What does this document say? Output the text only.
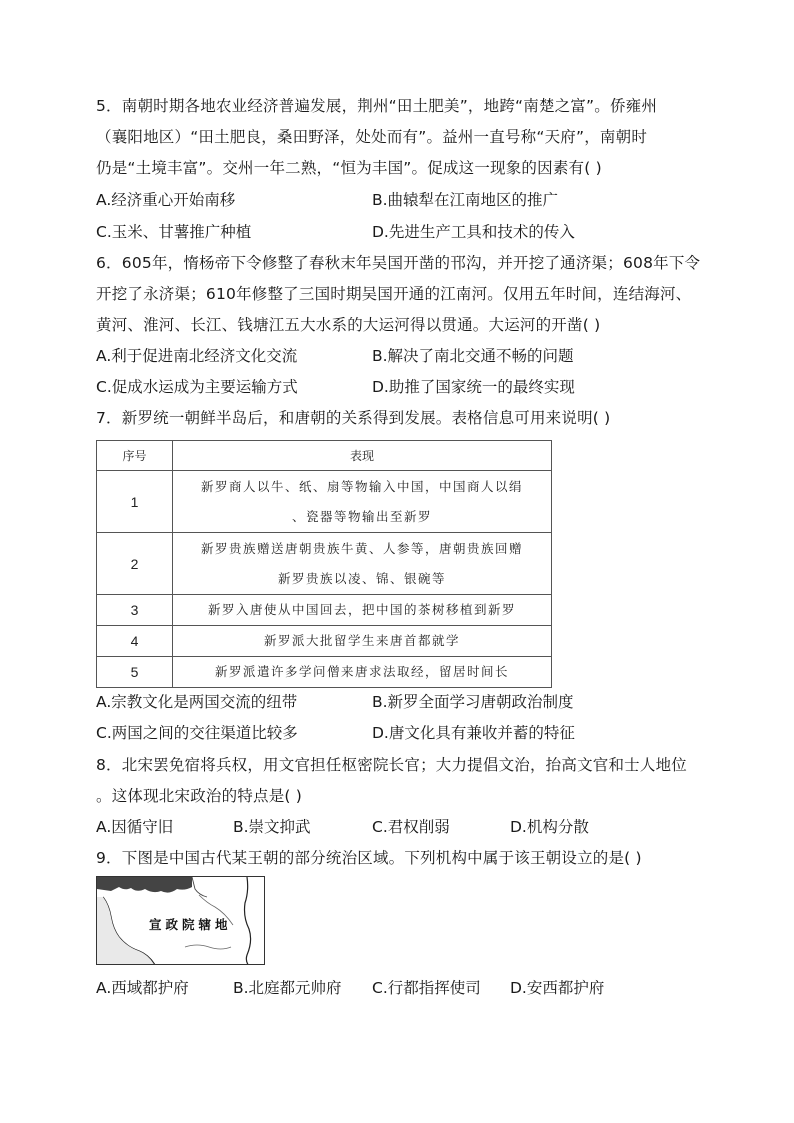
5．南朝时期各地农业经济普遍发展，荆州“田土肥美”，地跨“南楚之富”。侨雍州
（襄阳地区）“田土肥良，桑田野泽，处处而有”。益州一直号称“天府”，南朝时
仍是“土境丰富”。交州一年二熟，“恒为丰国”。促成这一现象的因素有( )
A.经济重心开始南移	B.曲辕犁在江南地区的推广
C.玉米、甘薯推广种植	D.先进生产工具和技术的传入
6．605年，惰杨帝下令修整了春秋末年吴国开凿的邗沟，并开挖了通济渠；608年下令
开挖了永济渠；610年修整了三国时期吴国开通的江南河。仅用五年时间，连结海河、
黄河、淮河、长江、钱塘江五大水系的大运河得以贯通。大运河的开凿( )
A.利于促进南北经济文化交流	B.解决了南北交通不畅的问题
C.促成水运成为主要运输方式	D.助推了国家统一的最终实现
7．新罗统一朝鲜半岛后，和唐朝的关系得到发展。表格信息可用来说明( )
序号	表现
1	新罗商人以牛、纸、扇等物输入中国，中国商人以绢
、瓷器等物输出至新罗

2	新罗贵族赠送唐朝贵族牛黄、人参等，唐朝贵族回赠
新罗贵族以凌、锦、银碗等

3	新罗入唐使从中国回去，把中国的茶树移植到新罗
4	新罗派大批留学生来唐首都就学
5	新罗派遣许多学问僧来唐求法取经，留居时间长
A.宗教文化是两国交流的纽带	B.新罗全面学习唐朝政治制度
C.两国之间的交往渠道比较多	D.唐文化具有兼收并蓄的特征
8．北宋罢免宿将兵权，用文官担任枢密院长官；大力提倡文治，抬高文官和士人地位
。这体现北宋政治的特点是( )
A.因循守旧	B.崇文抑武	C.君权削弱	D.机构分散
9．下图是中国古代某王朝的部分统治区域。下列机构中属于该王朝设立的是( )
宣政院辖地
A.西域都护府	B.北庭都元帅府 C.行都指挥使司 D.安西都护府
